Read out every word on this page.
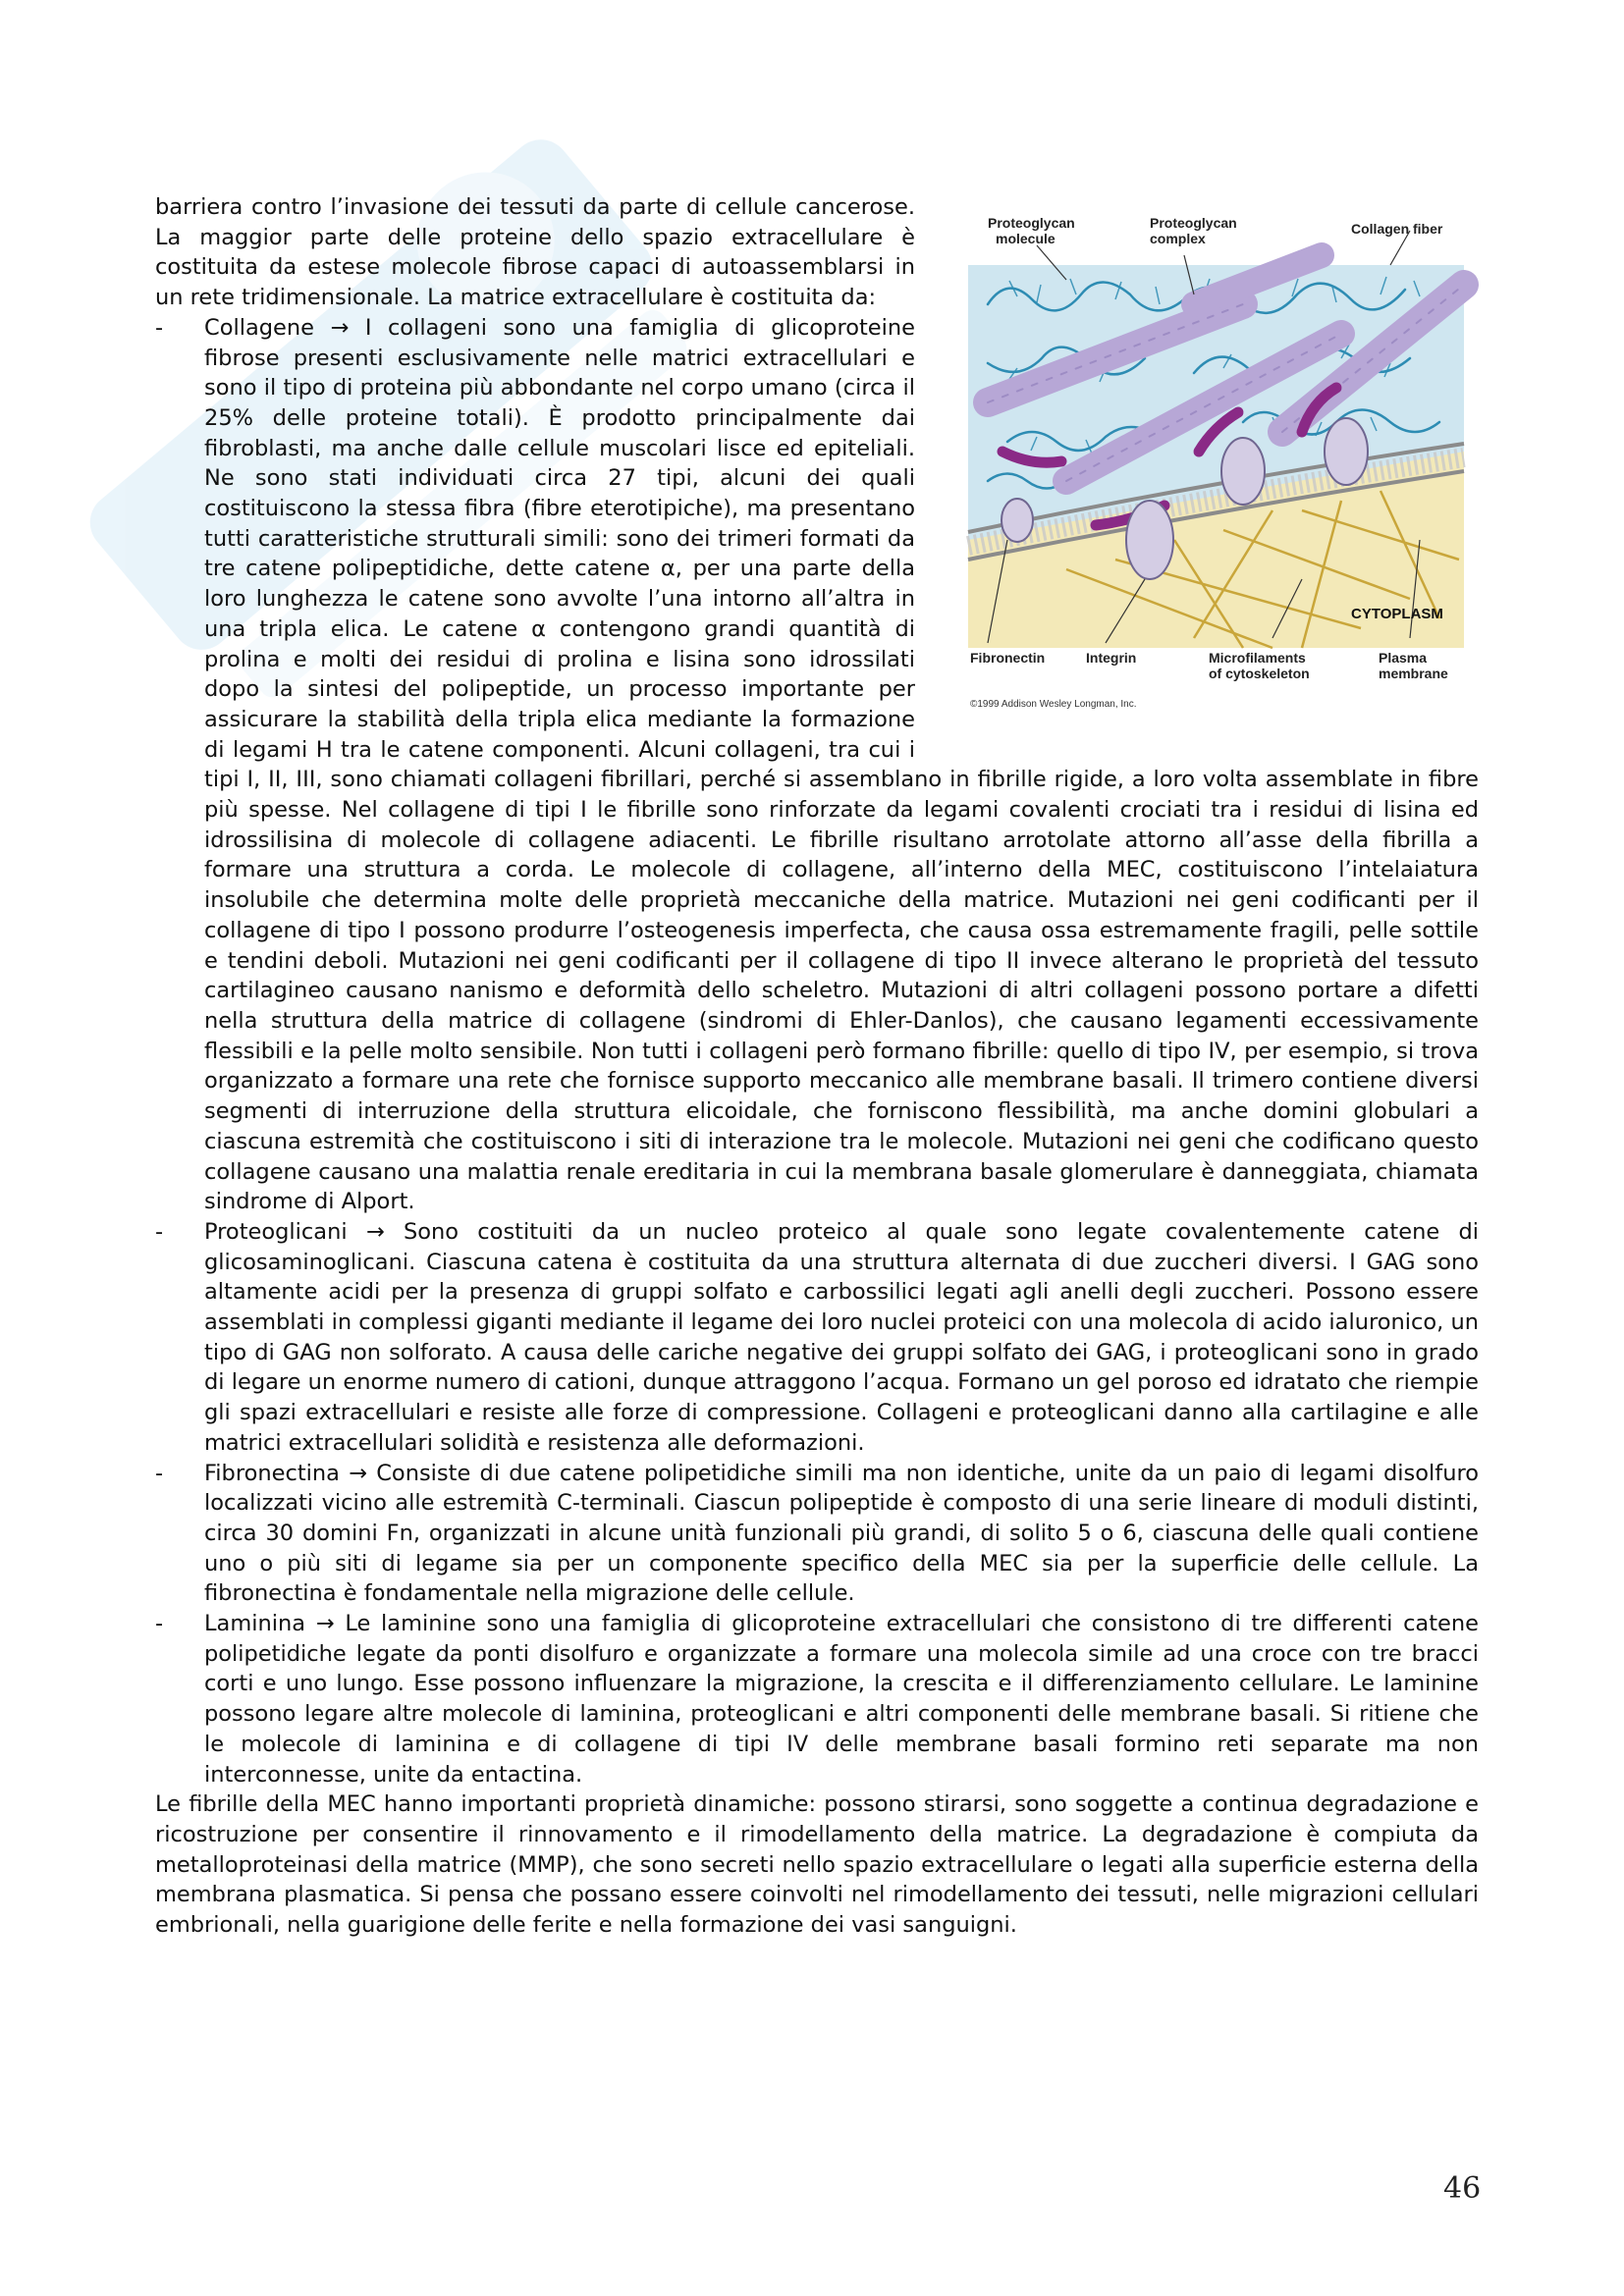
Proteoglycan
molecule
Proteoglycan
complex
Collagen fiber
CYTOPLASM
Fibronectin	Integrin	Microfilaments
of cytoskeleton
Plasma
membrane
©1999 Addison Wesley Longman, Inc.

barriera contro l’invasione dei tessuti da parte di cellule cancerose. La maggior parte delle proteine dello spazio extracellulare è costituita da estese molecole fibrose capaci di autoassemblarsi in un rete tridimensionale. La matrice extracellulare è costituita da:

- Collagene → I collageni sono una famiglia di glicoproteine fibrose presenti esclusivamente nelle matrici extracellulari e sono il tipo di proteina più abbondante nel corpo umano (circa il 25% delle proteine totali). È prodotto principalmente dai fibroblasti, ma anche dalle cellule muscolari lisce ed epiteliali. Ne sono stati individuati circa 27 tipi, alcuni dei quali costituiscono la stessa fibra (fibre eterotipiche), ma presentano tutti caratteristiche strutturali simili: sono dei trimeri formati da tre catene polipeptidiche, dette catene α, per una parte della loro lunghezza le catene sono avvolte l’una intorno all’altra in una tripla elica. Le catene α contengono grandi quantità di prolina e molti dei residui di prolina e lisina sono idrossilati dopo la sintesi del polipeptide, un processo importante per assicurare la stabilità della tripla elica mediante la formazione di legami H tra le catene componenti. Alcuni collageni, tra cui i tipi I, II, III, sono chiamati collageni fibrillari, perché si assemblano in fibrille rigide, a loro volta assemblate in fibre più spesse. Nel collagene di tipi I le fibrille sono rinforzate da legami covalenti crociati tra i residui di lisina ed idrossilisina di molecole di collagene adiacenti. Le fibrille risultano arrotolate attorno all’asse della fibrilla a formare una struttura a corda. Le molecole di collagene, all’interno della MEC, costituiscono l’intelaiatura insolubile che determina molte delle proprietà meccaniche della matrice. Mutazioni nei geni codificanti per il collagene di tipo I possono produrre l’osteogenesis imperfecta, che causa ossa estremamente fragili, pelle sottile e tendini deboli. Mutazioni nei geni codificanti per il collagene di tipo II invece alterano le proprietà del tessuto cartilagineo causano nanismo e deformità dello scheletro. Mutazioni di altri collageni possono portare a difetti nella struttura della matrice di collagene (sindromi di Ehler-Danlos), che causano legamenti eccessivamente flessibili e la pelle molto sensibile. Non tutti i collageni però formano fibrille: quello di tipo IV, per esempio, si trova organizzato a formare una rete che fornisce supporto meccanico alle membrane basali. Il trimero contiene diversi segmenti di interruzione della struttura elicoidale, che forniscono flessibilità, ma anche domini globulari a ciascuna estremità che costituiscono i siti di interazione tra le molecole. Mutazioni nei geni che codificano questo collagene causano una malattia renale ereditaria in cui la membrana basale glomerulare è danneggiata, chiamata sindrome di Alport.
- Proteoglicani → Sono costituiti da un nucleo proteico al quale sono legate covalentemente catene di glicosaminoglicani. Ciascuna catena è costituita da una struttura alternata di due zuccheri diversi. I GAG sono altamente acidi per la presenza di gruppi solfato e carbossilici legati agli anelli degli zuccheri. Possono essere assemblati in complessi giganti mediante il legame dei loro nuclei proteici con una molecola di acido ialuronico, un tipo di GAG non solforato. A causa delle cariche negative dei gruppi solfato dei GAG, i proteoglicani sono in grado di legare un enorme numero di cationi, dunque attraggono l’acqua. Formano un gel poroso ed idratato che riempie gli spazi extracellulari e resiste alle forze di compressione. Collageni e proteoglicani danno alla cartilagine e alle matrici extracellulari solidità e resistenza alle deformazioni.
- Fibronectina → Consiste di due catene polipetidiche simili ma non identiche, unite da un paio di legami disolfuro localizzati vicino alle estremità C-terminali. Ciascun polipeptide è composto di una serie lineare di moduli distinti, circa 30 domini Fn, organizzati in alcune unità funzionali più grandi, di solito 5 o 6, ciascuna delle quali contiene uno o più siti di legame sia per un componente specifico della MEC sia per la superficie delle cellule. La fibronectina è fondamentale nella migrazione delle cellule.
- Laminina → Le laminine sono una famiglia di glicoproteine extracellulari che consistono di tre differenti catene polipetidiche legate da ponti disolfuro e organizzate a formare una molecola simile ad una croce con tre bracci corti e uno lungo. Esse possono influenzare la migrazione, la crescita e il differenziamento cellulare. Le laminine possono legare altre molecole di laminina, proteoglicani e altri componenti delle membrane basali. Si ritiene che le molecole di laminina e di collagene di tipi IV delle membrane basali formino reti separate ma non interconnesse, unite da entactina.

Le fibrille della MEC hanno importanti proprietà dinamiche: possono stirarsi, sono soggette a continua degradazione e ricostruzione per consentire il rinnovamento e il rimodellamento della matrice. La degradazione è compiuta da metalloproteinasi della matrice (MMP), che sono secreti nello spazio extracellulare o legati alla superficie esterna della membrana plasmatica. Si pensa che possano essere coinvolti nel rimodellamento dei tessuti, nelle migrazioni cellulari embrionali, nella guarigione delle ferite e nella formazione dei vasi sanguigni.

46
